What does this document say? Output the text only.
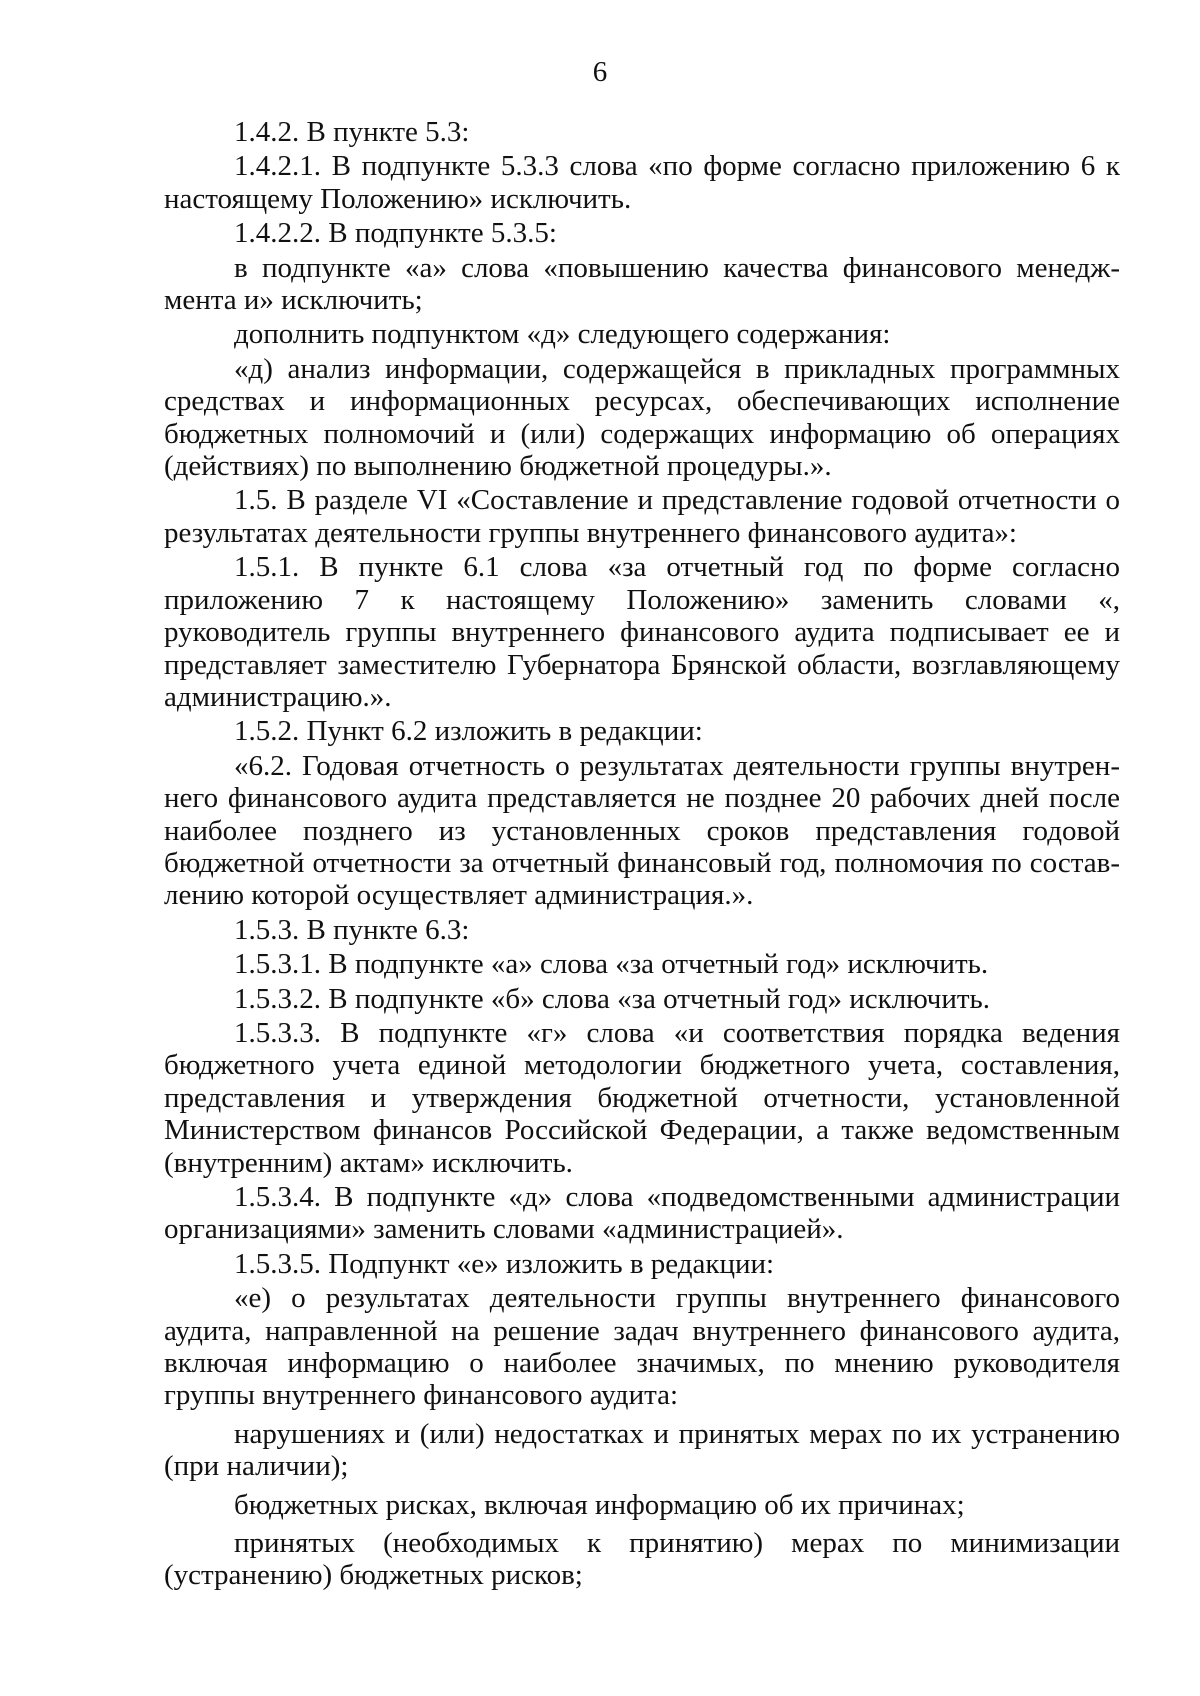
6

1.4.2. В пункте 5.3:

1.4.2.1. В подпункте 5.3.3 слова «по форме согласно приложению 6 к настоящему Положению» исключить.

1.4.2.2. В подпункте 5.3.5:

в подпункте «а» слова «повышению качества финансового менеджмента и» исключить;

дополнить подпунктом «д» следующего содержания:

«д) анализ информации, содержащейся в прикладных программных средствах и информационных ресурсах, обеспечивающих исполнение бюджетных полномочий и (или) содержащих информацию об операциях (действиях) по выполнению бюджетной процедуры.».

1.5. В разделе VI «Составление и представление годовой отчетности о результатах деятельности группы внутреннего финансового аудита»:

1.5.1. В пункте 6.1 слова «за отчетный год по форме согласно приложению 7 к настоящему Положению» заменить словами «, руководитель группы внутреннего финансового аудита подписывает ее и представляет заместителю Губернатора Брянской области, возглавляющему администрацию.».

1.5.2. Пункт 6.2 изложить в редакции:

«6.2. Годовая отчетность о результатах деятельности группы внутреннего финансового аудита представляется не позднее 20 рабочих дней после наиболее позднего из установленных сроков представления годовой бюджетной отчетности за отчетный финансовый год, полномочия по составлению которой осуществляет администрация.».

1.5.3. В пункте 6.3:

1.5.3.1. В подпункте «а» слова «за отчетный год» исключить.

1.5.3.2. В подпункте «б» слова «за отчетный год» исключить.

1.5.3.3. В подпункте «г» слова «и соответствия порядка ведения бюджетного учета единой методологии бюджетного учета, составления, представления и утверждения бюджетной отчетности, установленной Министерством финансов Российской Федерации, а также ведомственным (внутренним) актам» исключить.

1.5.3.4. В подпункте «д» слова «подведомственными администрации организациями» заменить словами «администрацией».

1.5.3.5. Подпункт «е» изложить в редакции:

«е) о результатах деятельности группы внутреннего финансового аудита, направленной на решение задач внутреннего финансового аудита, включая информацию о наиболее значимых, по мнению руководителя группы внутреннего финансового аудита:

нарушениях и (или) недостатках и принятых мерах по их устранению (при наличии);

бюджетных рисках, включая информацию об их причинах;

принятых (необходимых к принятию) мерах по минимизации (устранению) бюджетных рисков;
